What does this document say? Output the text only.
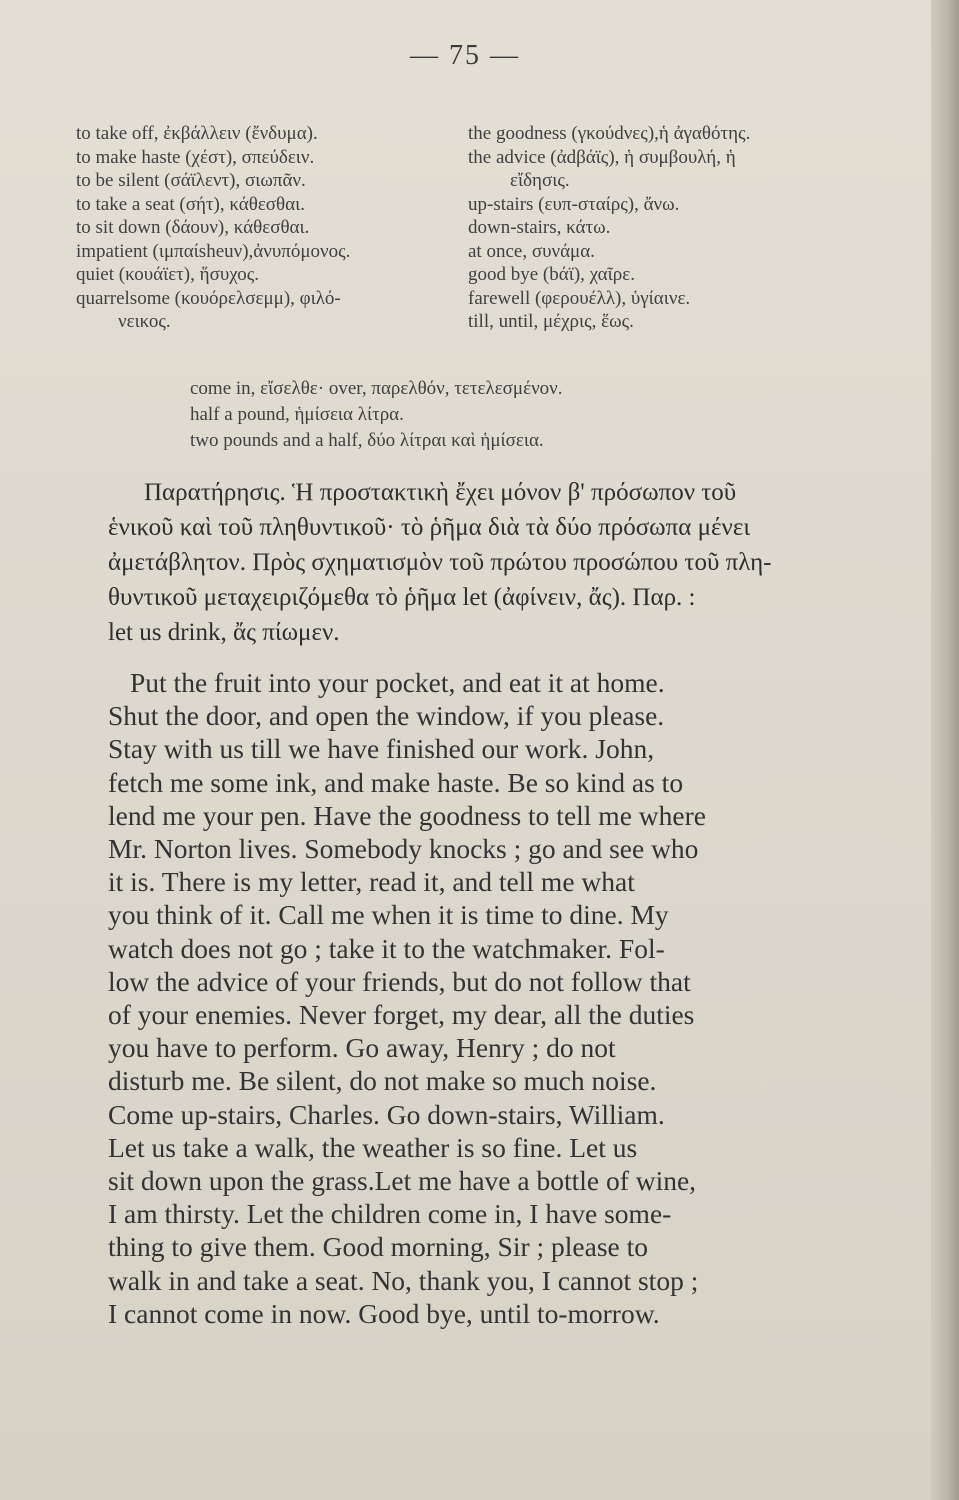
— 75 —
to take off, ἐκβάλλειν (ἔνδυμα).
to make haste (χέστ), σπεύδειν.
to be silent (σάϊλεντ), σιωπᾶν.
to take a seat (σήτ), κάθεσθαι.
to sit down (δάουν), κάθεσθαι.
impatient (ιμπαίsheuν),ἀνυπόμονος.
quiet (κουάϊετ), ἥσυχος.
quarrelsome (κουόρελσεμμ), φιλό-
νεικος.
the goodness (γκούdνες),ἡ ἀγαθότης.
the advice (ἀdβάϊς), ἡ συμβουλή, ἡ
εἴδησις.
up-stairs (ευπ-σταίρς), ἄνω.
down-stairs, κάτω.
at once, συνάμα.
good bye (bάϊ), χαῖρε.
farewell (φερουέλλ), ὑγίαινε.
till, until, μέχρις, ἕως.
come in, εἴσελθε· over, παρελθόν, τετελεσμένον.
half a pound, ἡμίσεια λίτρα.
two pounds and a half, δύο λίτραι καὶ ἡμίσεια.
Παρατήρησις. Ἡ προστακτικὴ ἔχει μόνον β' πρόσωπον τοῦ
ἑνικοῦ καὶ τοῦ πληθυντικοῦ· τὸ ῥῆμα διὰ τὰ δύο πρόσωπα μένει
ἀμετάβλητον. Πρὸς σχηματισμὸν τοῦ πρώτου προσώπου τοῦ πλη-
θυντικοῦ μεταχειριζόμεθα τὸ ῥῆμα let (ἀφίνειν, ἄς). Παρ. :
let us drink, ἄς πίωμεν.
Put the fruit into your pocket, and eat it at home.
Shut the door, and open the window, if you please.
Stay with us till we have finished our work. John,
fetch me some ink, and make haste. Be so kind as to
lend me your pen. Have the goodness to tell me where
Mr. Norton lives. Somebody knocks ; go and see who
it is. There is my letter, read it, and tell me what
you think of it. Call me when it is time to dine. My
watch does not go ; take it to the watchmaker. Fol-
low the advice of your friends, but do not follow that
of your enemies. Never forget, my dear, all the duties
you have to perform. Go away, Henry ; do not
disturb me. Be silent, do not make so much noise.
Come up-stairs, Charles. Go down-stairs, William.
Let us take a walk, the weather is so fine. Let us
sit down upon the grass.Let me have a bottle of wine,
I am thirsty. Let the children come in, I have some-
thing to give them. Good morning, Sir ; please to
walk in and take a seat. No, thank you, I cannot stop ;
I cannot come in now. Good bye, until to-morrow.
